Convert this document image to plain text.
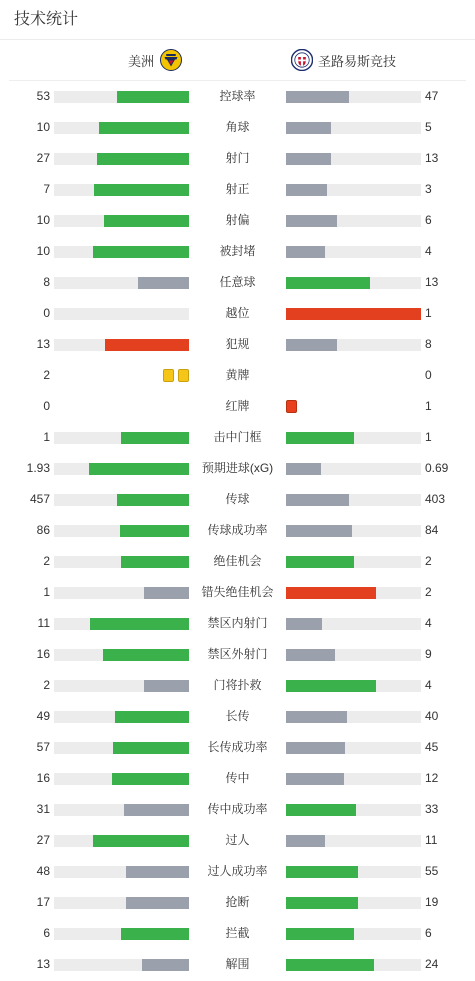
技术统计
美洲	圣路易斯竞技
53	控球率	47
10	角球	5
27	射门	13
7	射正	3
10	射偏	6
10	被封堵	4
8	任意球	13
0	越位	1
13	犯规	8
2	黄牌	0
0	红牌	1
1	击中门框	1
1.93	预期进球(xG)	0.69
457	传球	403
86	传球成功率	84
2	绝佳机会	2
1	错失绝佳机会	2
11	禁区内射门	4
16	禁区外射门	9
2	门将扑救	4
49	长传	40
57	长传成功率	45
16	传中	12
31	传中成功率	33
27	过人	11
48	过人成功率	55
17	抢断	19
6	拦截	6
13	解围	24
